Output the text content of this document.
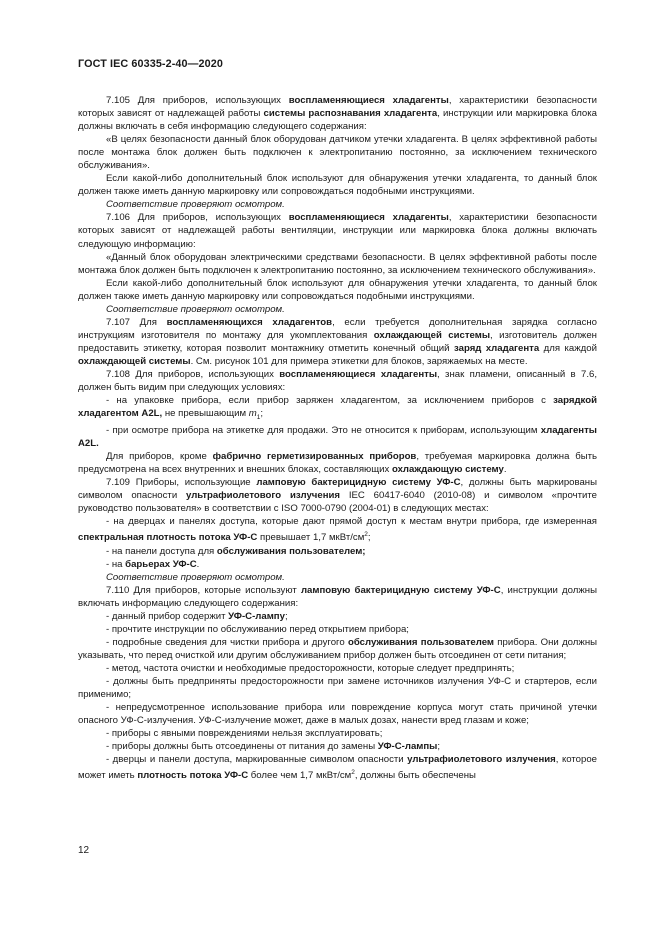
ГОСТ IEC 60335-2-40—2020

7.105 Для приборов, использующих воспламеняющиеся хладагенты, характеристики безопасности которых зависят от надлежащей работы системы распознавания хладагента, инструкции или маркировка блока должны включать в себя информацию следующего содержания:

«В целях безопасности данный блок оборудован датчиком утечки хладагента. В целях эффективной работы после монтажа блок должен быть подключен к электропитанию постоянно, за исключением технического обслуживания».

Если какой-либо дополнительный блок используют для обнаружения утечки хладагента, то данный блок должен также иметь данную маркировку или сопровождаться подобными инструкциями.

Соответствие проверяют осмотром.

7.106 Для приборов, использующих воспламеняющиеся хладагенты, характеристики безопасности которых зависят от надлежащей работы вентиляции, инструкции или маркировка блока должны включать следующую информацию:

«Данный блок оборудован электрическими средствами безопасности. В целях эффективной работы после монтажа блок должен быть подключен к электропитанию постоянно, за исключением технического обслуживания».

Если какой-либо дополнительный блок используют для обнаружения утечки хладагента, то данный блок должен также иметь данную маркировку или сопровождаться подобными инструкциями.

Соответствие проверяют осмотром.

7.107 Для воспламеняющихся хладагентов, если требуется дополнительная зарядка согласно инструкциям изготовителя по монтажу для укомплектования охлаждающей системы, изготовитель должен предоставить этикетку, которая позволит монтажнику отметить конечный общий заряд хладагента для каждой охлаждающей системы. См. рисунок 101 для примера этикетки для блоков, заряжаемых на месте.

7.108 Для приборов, использующих воспламеняющиеся хладагенты, знак пламени, описанный в 7.6, должен быть видим при следующих условиях:

- на упаковке прибора, если прибор заряжен хладагентом, за исключением приборов с зарядкой хладагентом A2L, не превышающим $m_1$;

- при осмотре прибора на этикетке для продажи. Это не относится к приборам, использующим хладагенты A2L.

Для приборов, кроме фабрично герметизированных приборов, требуемая маркировка должна быть предусмотрена на всех внутренних и внешних блоках, составляющих охлаждающую систему.

7.109 Приборы, использующие ламповую бактерицидную систему УФ-С, должны быть маркированы символом опасности ультрафиолетового излучения IEC 60417-6040 (2010-08) и символом «прочтите руководство пользователя» в соответствии с ISO 7000-0790 (2004-01) в следующих местах:

- на дверцах и панелях доступа, которые дают прямой доступ к местам внутри прибора, где измеренная спектральная плотность потока УФ-С превышает 1,7 мкВт/$см^2$;

- на панели доступа для обслуживания пользователем;

- на барьерах УФ-С.

Соответствие проверяют осмотром.

7.110 Для приборов, которые используют ламповую бактерицидную систему УФ-С, инструкции должны включать информацию следующего содержания:

- данный прибор содержит УФ-С-лампу;

- прочтите инструкции по обслуживанию перед открытием прибора;

- подробные сведения для чистки прибора и другого обслуживания пользователем прибора. Они должны указывать, что перед очисткой или другим обслуживанием прибор должен быть отсоединен от сети питания;

- метод, частота очистки и необходимые предосторожности, которые следует предпринять;

- должны быть предприняты предосторожности при замене источников излучения УФ-С и стартеров, если применимо;

- непредусмотренное использование прибора или повреждение корпуса могут стать причиной утечки опасного УФ-С-излучения. УФ-С-излучение может, даже в малых дозах, нанести вред глазам и коже;

- приборы с явными повреждениями нельзя эксплуатировать;

- приборы должны быть отсоединены от питания до замены УФ-С-лампы;

- дверцы и панели доступа, маркированные символом опасности ультрафиолетового излучения, которое может иметь плотность потока УФ-С более чем 1,7 мкВт/$см^2$, должны быть обеспечены

12
